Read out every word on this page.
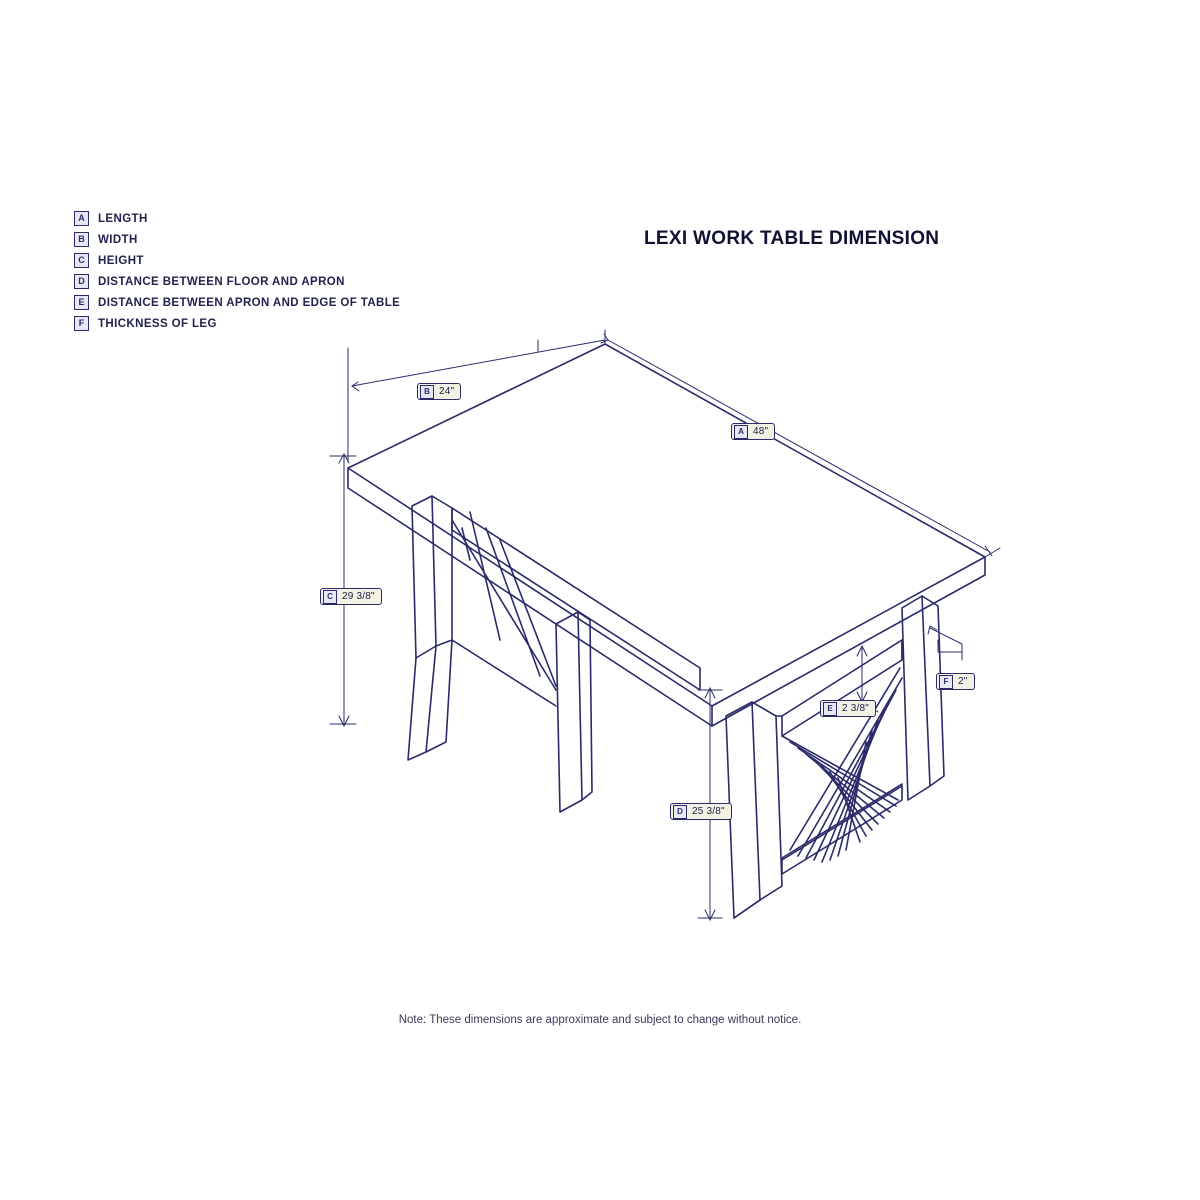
A	LENGTH
B	WIDTH
C	HEIGHT
D	DISTANCE BETWEEN FLOOR AND APRON
E	DISTANCE BETWEEN APRON AND EDGE OF TABLE
F	THICKNESS OF LEG
LEXI WORK TABLE DIMENSION
B 24"
A 48"
C 29 3/8"
F 2"
E 2 3/8"
D 25 3/8"
Note: These dimensions are approximate and subject to change without notice.
